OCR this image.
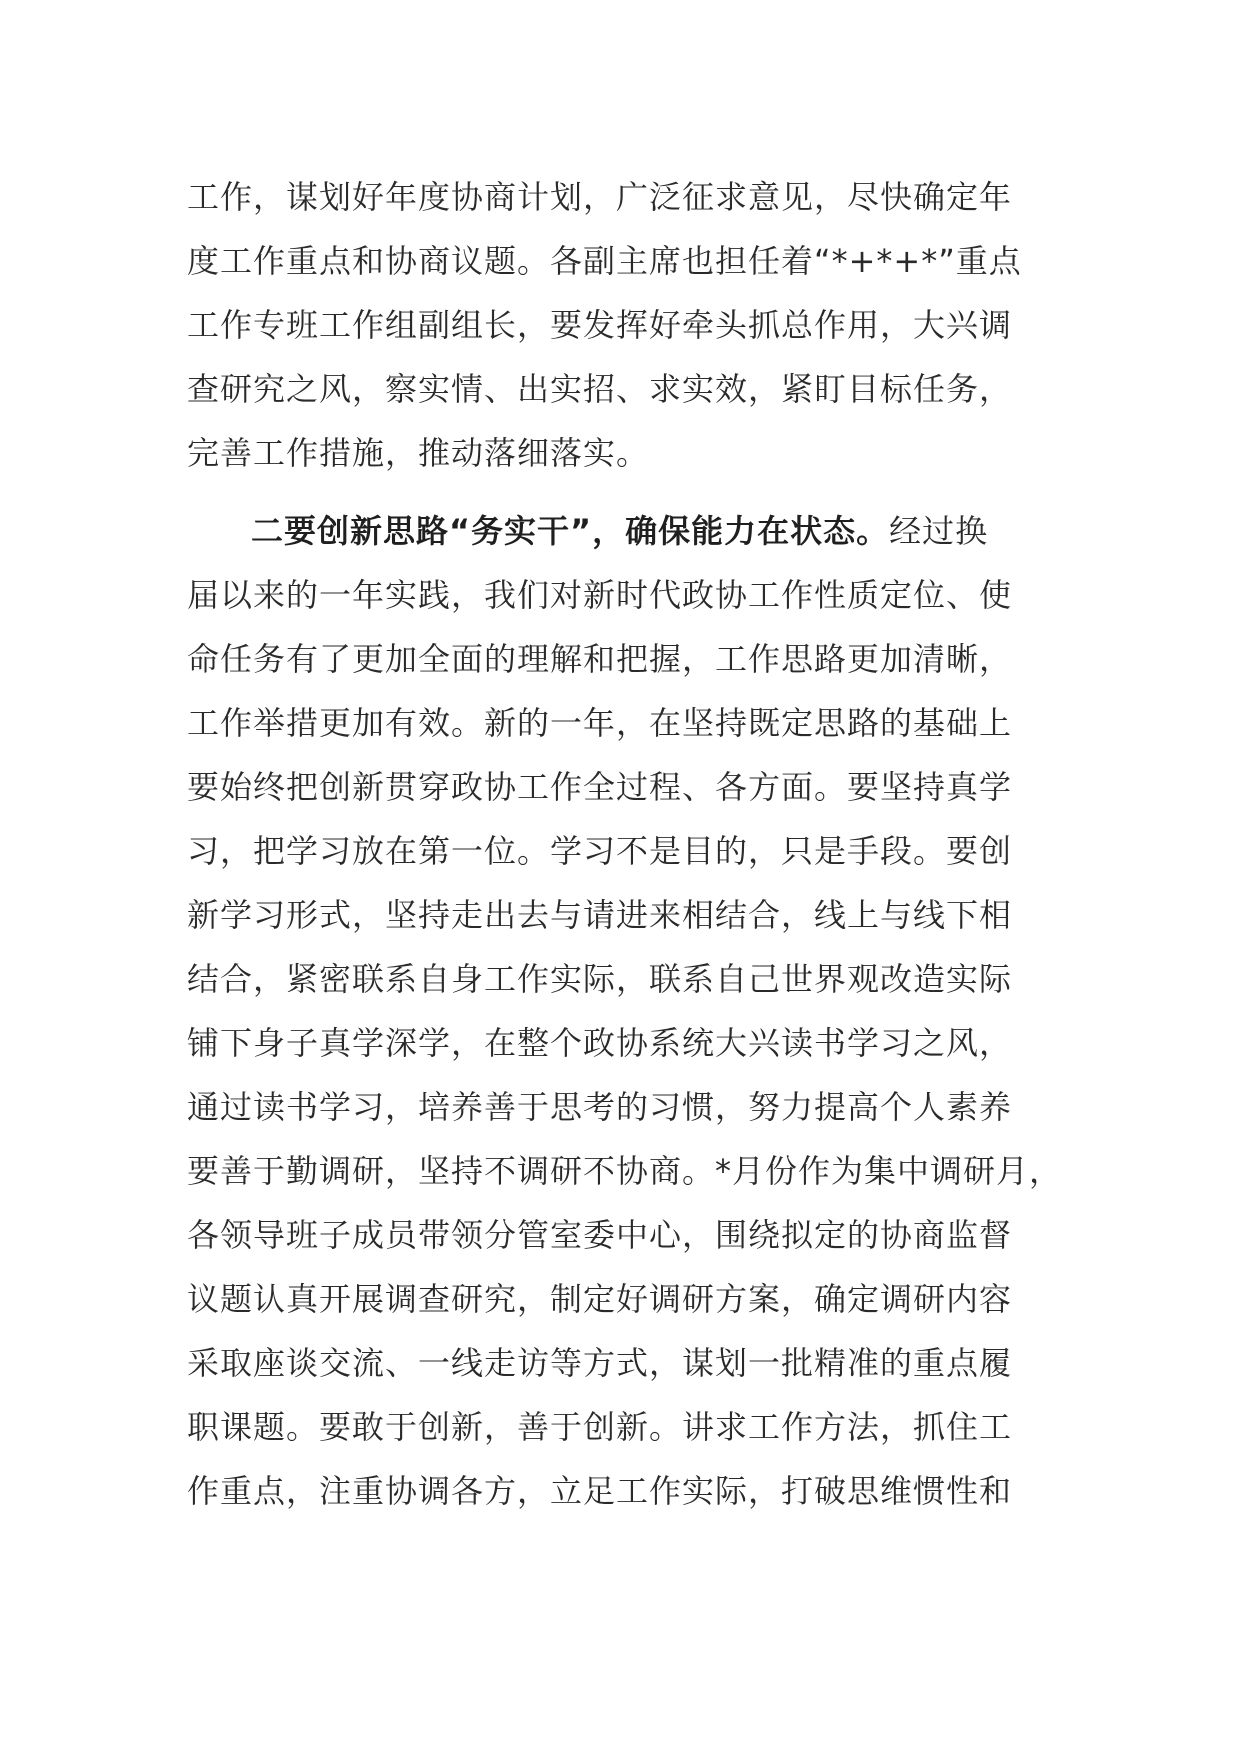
工作，谋划好年度协商计划，广泛征求意见，尽快确定年
度工作重点和协商议题。各副主席也担任着“*+*+*”重点
工作专班工作组副组长，要发挥好牵头抓总作用，大兴调
查研究之风，察实情、出实招、求实效，紧盯目标任务，
完善工作措施，推动落细落实。
二要创新思路“务实干”，确保能力在状态。经过换
届以来的一年实践，我们对新时代政协工作性质定位、使
命任务有了更加全面的理解和把握，工作思路更加清晰，
工作举措更加有效。新的一年，在坚持既定思路的基础上
要始终把创新贯穿政协工作全过程、各方面。要坚持真学
习，把学习放在第一位。学习不是目的，只是手段。要创
新学习形式，坚持走出去与请进来相结合，线上与线下相
结合，紧密联系自身工作实际，联系自己世界观改造实际
铺下身子真学深学，在整个政协系统大兴读书学习之风，
通过读书学习，培养善于思考的习惯，努力提高个人素养
要善于勤调研，坚持不调研不协商。*月份作为集中调研月，
各领导班子成员带领分管室委中心，围绕拟定的协商监督
议题认真开展调查研究，制定好调研方案，确定调研内容
采取座谈交流、一线走访等方式，谋划一批精准的重点履
职课题。要敢于创新，善于创新。讲求工作方法，抓住工
作重点，注重协调各方，立足工作实际，打破思维惯性和
